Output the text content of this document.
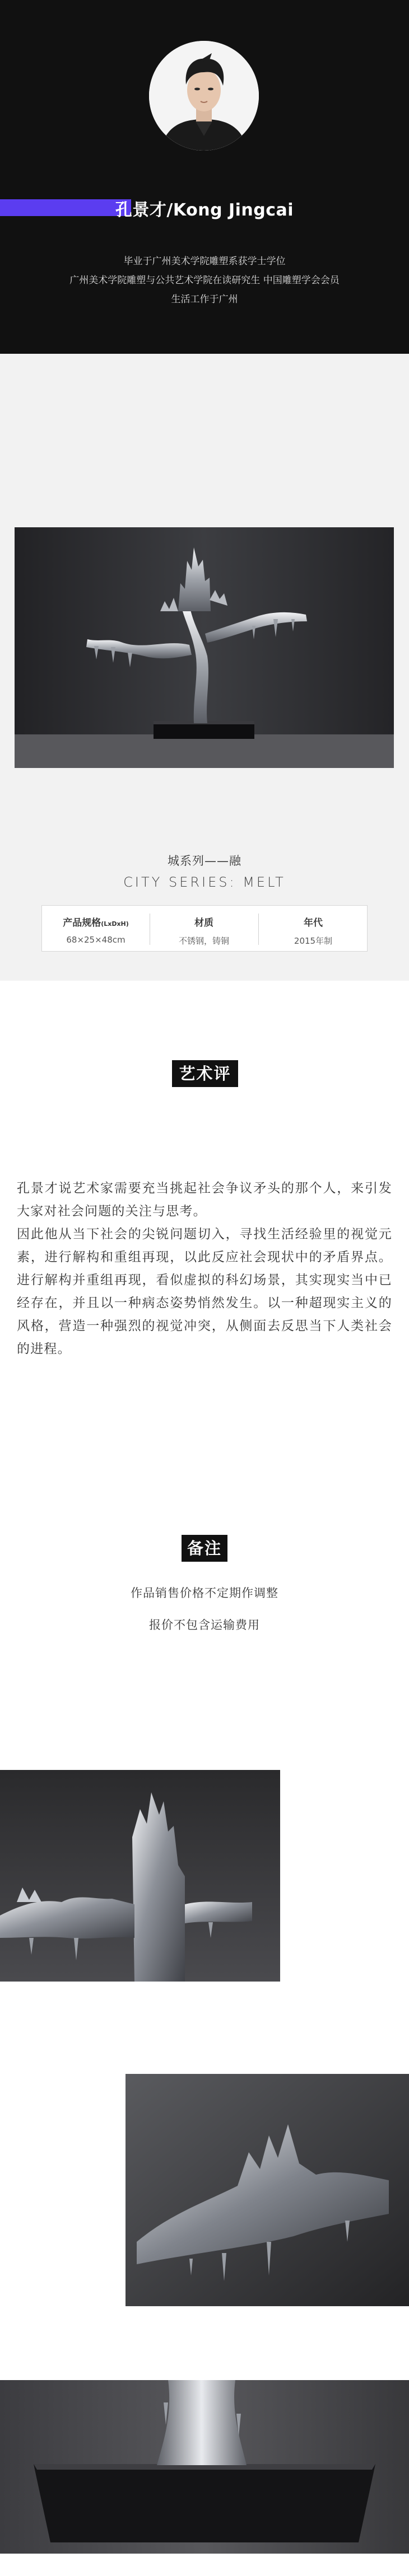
孔景才/Kong Jingcai
毕业于广州美术学院雕塑系获学士学位
广州美术学院雕塑与公共艺术学院在读研究生 中国雕塑学会会员
生活工作于广州
城系列——融
CITY SERIES: MELT
产品规格(LxDxH)
68×25×48cm
材质
不锈钢，铸铜
年代
2015年制
艺术评价

孔景才说艺术家需要充当挑起社会争议矛头的那个人，来引发大家对社会问题的关注与思考。

因此他从当下社会的尖锐问题切入，寻找生活经验里的视觉元素，进行解构和重组再现，以此反应社会现状中的矛盾界点。进行解构并重组再现，看似虚拟的科幻场景，其实现实当中已经存在，并且以一种病态姿势悄然发生。以一种超现实主义的风格，营造一种强烈的视觉冲突，从侧面去反思当下人类社会的进程。

备注
作品销售价格不定期作调整
报价不包含运输费用
